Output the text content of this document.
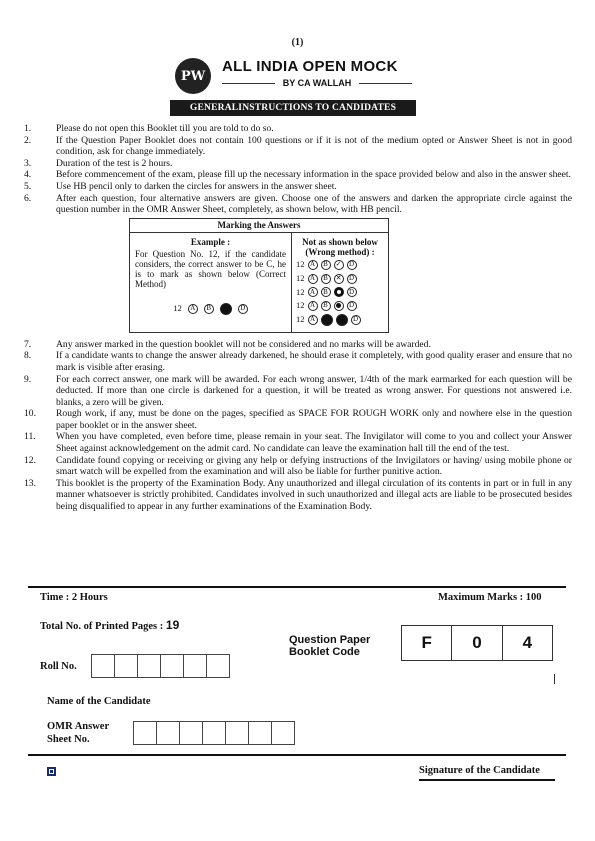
(1)
PW
ALL INDIA OPEN MOCK
BY CA WALLAH
GENERALINSTRUCTIONS TO CANDIDATES
1.	Please do not open this Booklet till you are told to do so.
2.	If the Question Paper Booklet does not contain 100 questions or if it is not of the medium opted or Answer Sheet is not in good condition, ask for change immediately.
3.	Duration of the test is 2 hours.
4.	Before commencement of the exam, please fill up the necessary information in the space provided below and also in the answer sheet.
5.	Use HB pencil only to darken the circles for answers in the answer sheet.
6.	After each question, four alternative answers are given. Choose one of the answers and darken the appropriate circle against the question number in the OMR Answer Sheet, completely, as shown below, with HB pencil.
Marking the Answers
Example :
For Question No. 12, if the candidate considers, the correct answer to be C, he is to mark as shown below (Correct Method)
12	A	B	D
Not as shown below (Wrong method) :
12 A	B	✓	D
12 A	B	✕	D
12 A	B	D
12 A	B	D
12 A	D
7.	Any answer marked in the question booklet will not be considered and no marks will be awarded.
8.	If a candidate wants to change the answer already darkened, he should erase it completely, with good quality eraser and ensure that no mark is visible after erasing.
9.	For each correct answer, one mark will be awarded. For each wrong answer, 1/4th of the mark earmarked for each question will be deducted. If more than one circle is darkened for a question, it will be treated as wrong answer. For questions not answered i.e. blanks, a zero will be given.
10.	Rough work, if any, must be done on the pages, specified as SPACE FOR ROUGH WORK only and nowhere else in the question paper booklet or in the answer sheet.
11.	When you have completed, even before time, please remain in your seat. The Invigilator will come to you and collect your Answer Sheet against acknowledgement on the admit card. No candidate can leave the examination hall till the end of the test.
12.	Candidate found copying or receiving or giving any help or defying instructions of the Invigilators or having/ using mobile phone or smart watch will be expelled from the examination and will also be liable for further punitive action.
13.	This booklet is the property of the Examination Body. Any unauthorized and illegal circulation of its contents in part or in full in any manner whatsoever is strictly prohibited. Candidates involved in such unauthorized and illegal acts are liable to be prosecuted besides being disqualified to appear in any further examinations of the Examination Body.
Time : 2 Hours	Maximum Marks : 100
Total No. of Printed Pages : 19
Question Paper
Booklet Code	F	0	4
Roll No.
Name of the Candidate
OMR Answer
Sheet No.
Signature of the Candidate
